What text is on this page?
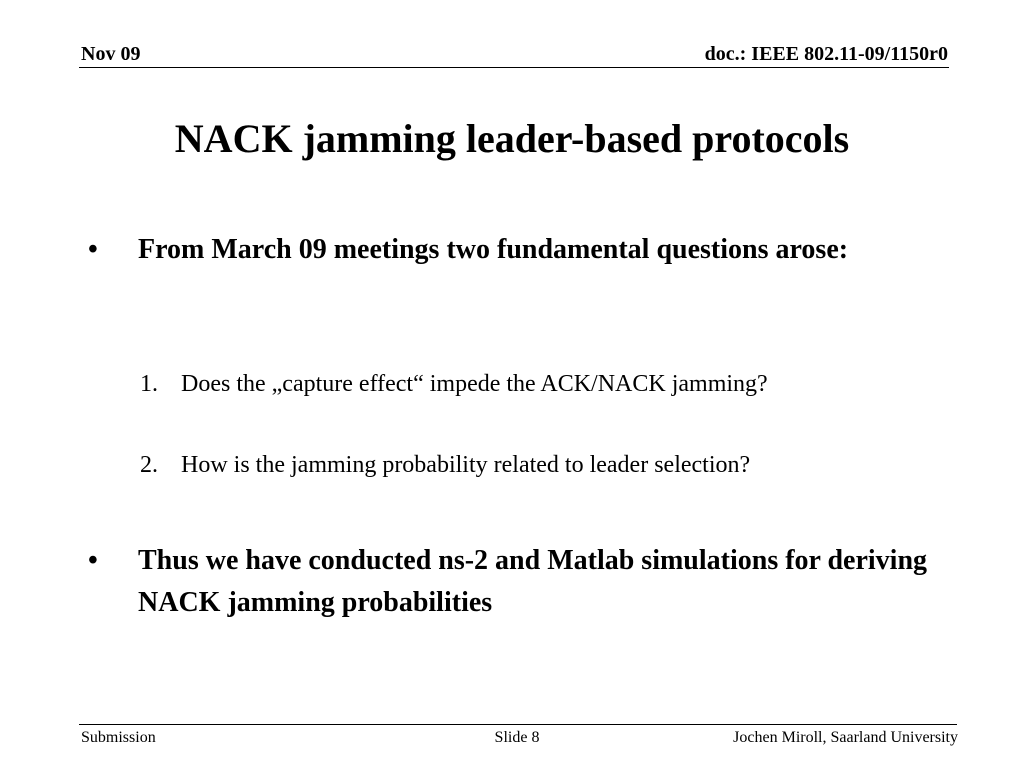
Nov 09	doc.: IEEE 802.11-09/1150r0
NACK jamming leader-based protocols
• From March 09 meetings two fundamental questions arose:
1. Does the „capture effect“ impede the ACK/NACK jamming?
2. How is the jamming probability related to leader selection?
• Thus we have conducted ns-2 and Matlab simulations for deriving NACK jamming probabilities
Submission	Slide 8	Jochen Miroll, Saarland University
